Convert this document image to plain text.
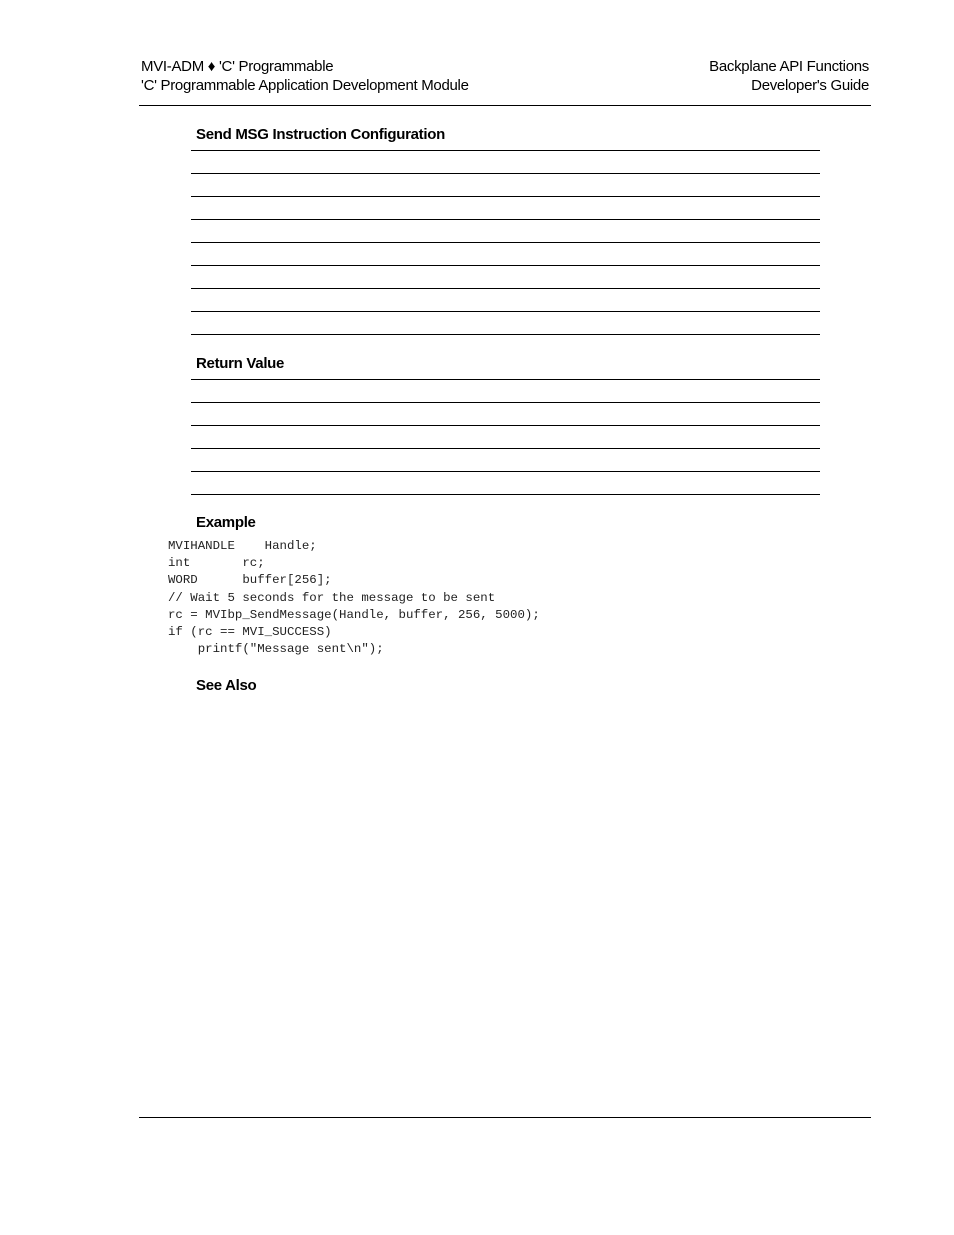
MVI-ADM ♦ 'C' Programmable
'C' Programmable Application Development Module
Backplane API Functions
Developer's Guide
Send MSG Instruction Configuration
Return Value
Example
MVIHANDLE    Handle;
int       rc;
WORD      buffer[256];
// Wait 5 seconds for the message to be sent
rc = MVIbp_SendMessage(Handle, buffer, 256, 5000);
if (rc == MVI_SUCCESS)
printf("Message sent\n");
See Also
